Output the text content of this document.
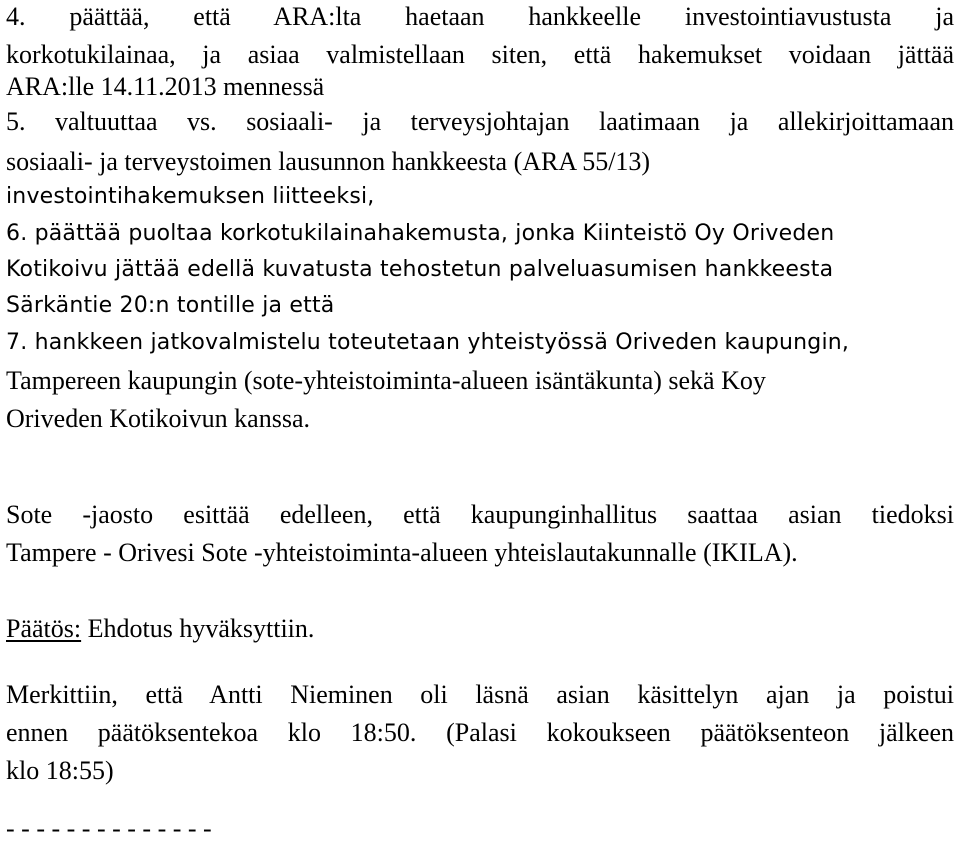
4. päättää, että ARA:lta haetaan hankkeelle investointiavustusta ja
korkotukilainaa, ja asiaa valmistellaan siten, että hakemukset voidaan jättää
ARA:lle 14.11.2013 mennessä
5. valtuuttaa vs. sosiaali- ja terveysjohtajan laatimaan ja allekirjoittamaan
sosiaali- ja terveystoimen lausunnon hankkeesta (ARA 55/13)
investointihakemuksen liitteeksi,
6. päättää puoltaa korkotukilainahakemusta, jonka Kiinteistö Oy Oriveden
Kotikoivu jättää edellä kuvatusta tehostetun palveluasumisen hankkeesta
Särkäntie 20:n tontille ja että
7. hankkeen jatkovalmistelu toteutetaan yhteistyössä Oriveden kaupungin,
Tampereen kaupungin (sote-yhteistoiminta-alueen isäntäkunta) sekä Koy
Oriveden Kotikoivun kanssa.
Sote -jaosto esittää edelleen, että kaupunginhallitus saattaa asian tiedoksi
Tampere - Orivesi Sote -yhteistoiminta-alueen yhteislautakunnalle (IKILA).
Päätös: Ehdotus hyväksyttiin.
Merkittiin, että Antti Nieminen oli läsnä asian käsittelyn ajan ja poistui
ennen päätöksentekoa klo 18:50. (Palasi kokoukseen päätöksenteon jälkeen
klo 18:55)
- - - - - - - - - - - - - -
